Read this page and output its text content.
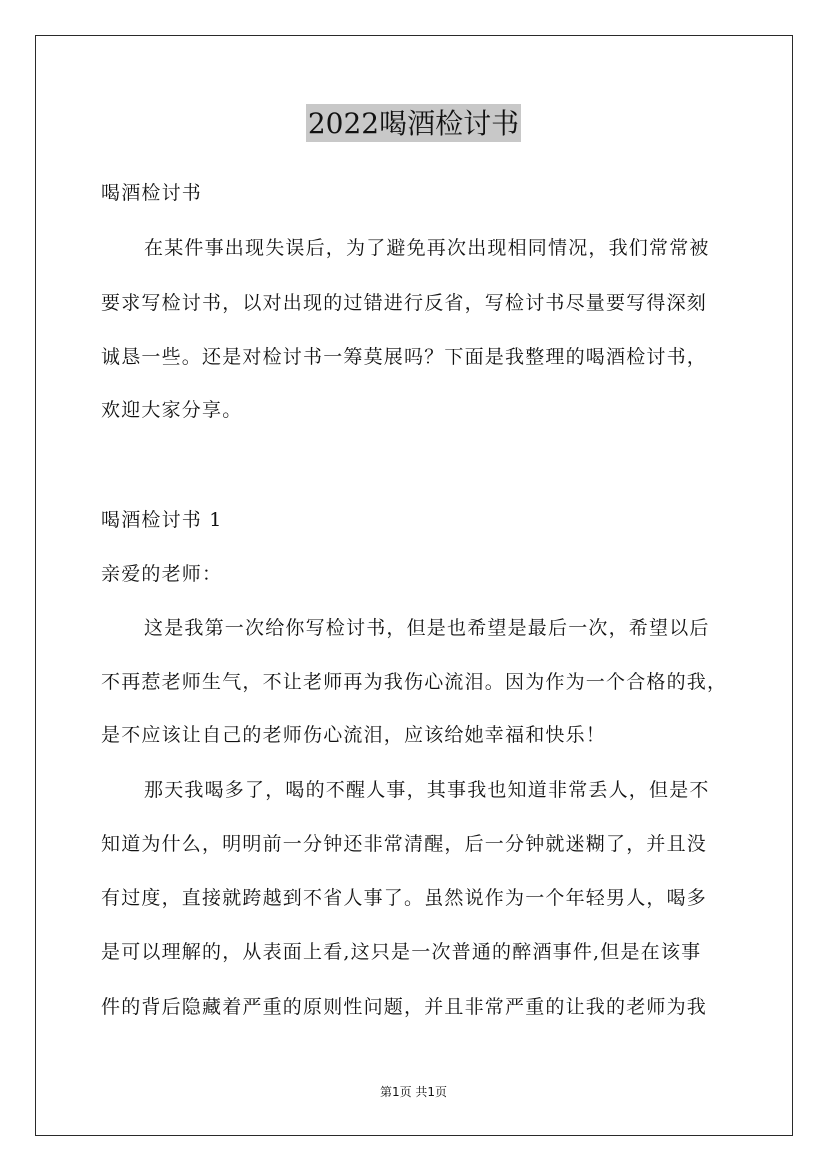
2022喝酒检讨书
喝酒检讨书
在某件事出现失误后，为了避免再次出现相同情况，我们常常被
要求写检讨书，以对出现的过错进行反省，写检讨书尽量要写得深刻
诚恳一些。还是对检讨书一筹莫展吗？下面是我整理的喝酒检讨书，
欢迎大家分享。
喝酒检讨书 1
亲爱的老师：
这是我第一次给你写检讨书，但是也希望是最后一次，希望以后
不再惹老师生气，不让老师再为我伤心流泪。因为作为一个合格的我，
是不应该让自己的老师伤心流泪，应该给她幸福和快乐！
那天我喝多了，喝的不醒人事，其事我也知道非常丢人，但是不
知道为什么，明明前一分钟还非常清醒，后一分钟就迷糊了，并且没
有过度，直接就跨越到不省人事了。虽然说作为一个年轻男人，喝多
是可以理解的，从表面上看,这只是一次普通的醉酒事件,但是在该事
件的背后隐藏着严重的原则性问题，并且非常严重的让我的老师为我
第1页 共1页
